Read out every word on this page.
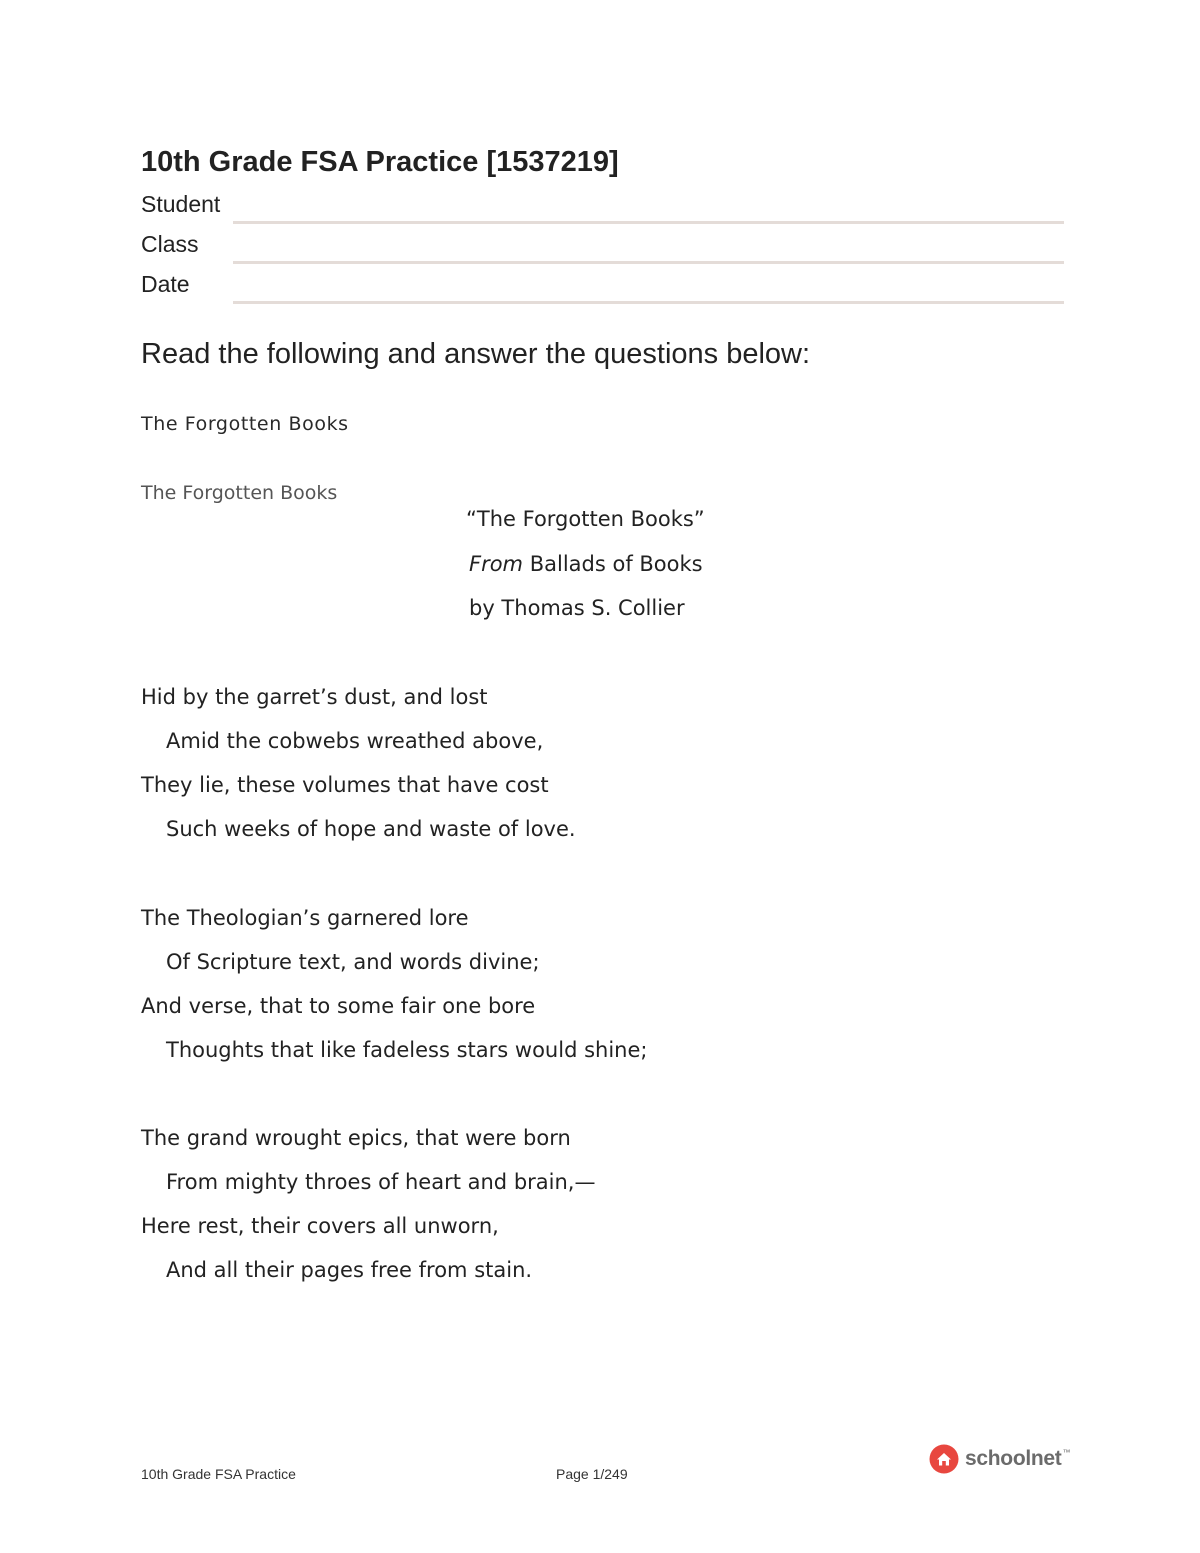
10th Grade FSA Practice [1537219]
Student
Class
Date
Read the following and answer the questions below:
The Forgotten Books
The Forgotten Books
“The Forgotten Books”
From Ballads of Books
by Thomas S. Collier
Hid by the garret’s dust, and lost
Amid the cobwebs wreathed above,
They lie, these volumes that have cost
Such weeks of hope and waste of love.
The Theologian’s garnered lore
Of Scripture text, and words divine;
And verse, that to some fair one bore
Thoughts that like fadeless stars would shine;
The grand wrought epics, that were born
From mighty throes of heart and brain,—
Here rest, their covers all unworn,
And all their pages free from stain.
10th Grade FSA Practice	Page 1/249
schoolnet ™
